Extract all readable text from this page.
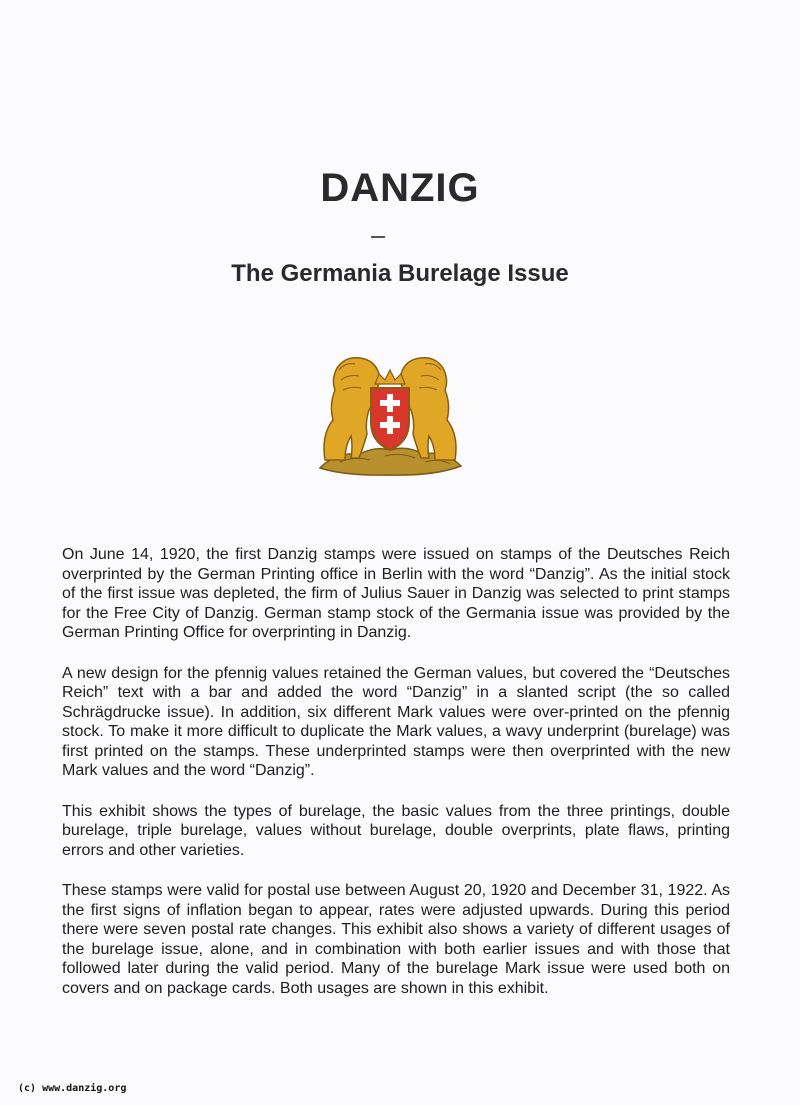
DANZIG
The Germania Burelage Issue

On June 14, 1920, the first Danzig stamps were issued on stamps of the Deutsches Reich overprinted by the German Printing office in Berlin with the word “Danzig”. As the initial stock of the first issue was depleted, the firm of Julius Sauer in Danzig was selected to print stamps for the Free City of Danzig. German stamp stock of the Germania issue was provided by the German Printing Office for overprinting in Danzig.

A new design for the pfennig values retained the German values, but covered the “Deutsches Reich” text with a bar and added the word “Danzig” in a slanted script (the so called Schrägdrucke issue). In addition, six different Mark values were over-printed on the pfennig stock. To make it more difficult to duplicate the Mark values, a wavy underprint (burelage) was first printed on the stamps. These underprinted stamps were then overprinted with the new Mark values and the word “Danzig”.

This exhibit shows the types of burelage, the basic values from the three printings, double burelage, triple burelage, values without burelage, double overprints, plate flaws, printing errors and other varieties.

These stamps were valid for postal use between August 20, 1920 and December 31, 1922. As the first signs of inflation began to appear, rates were adjusted upwards. During this period there were seven postal rate changes. This exhibit also shows a variety of different usages of the burelage issue, alone, and in combination with both earlier issues and with those that followed later during the valid period. Many of the burelage Mark issue were used both on covers and on package cards. Both usages are shown in this exhibit.

(c) www.danzig.org
